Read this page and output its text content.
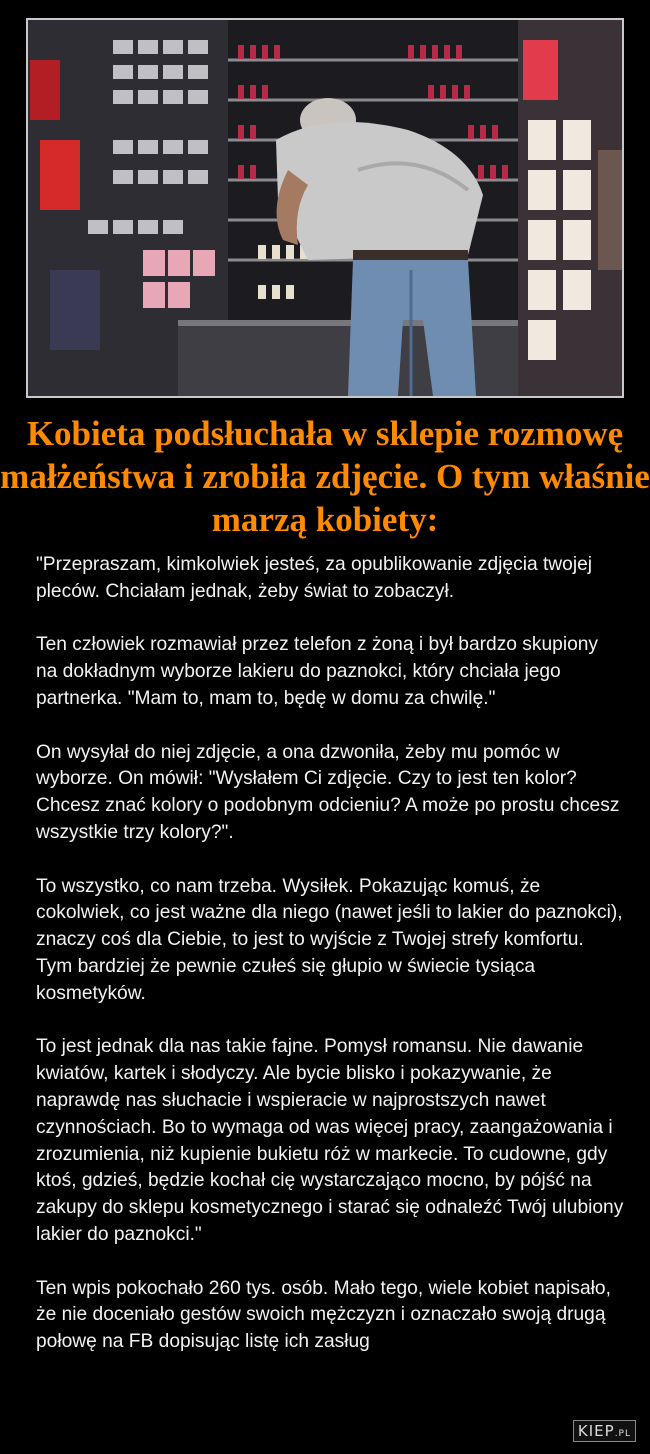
Kobieta podsłuchała w sklepie rozmowę małżeństwa i zrobiła zdjęcie. O tym właśnie marzą kobiety:

"Przepraszam, kimkolwiek jesteś, za opublikowanie zdjęcia twojej pleców. Chciałam jednak, żeby świat to zobaczył.

Ten człowiek rozmawiał przez telefon z żoną i był bardzo skupiony na dokładnym wyborze lakieru do paznokci, który chciała jego partnerka. "Mam to, mam to, będę w domu za chwilę."

On wysyłał do niej zdjęcie, a ona dzwoniła, żeby mu pomóc w wyborze. On mówił: "Wysłałem Ci zdjęcie. Czy to jest ten kolor? Chcesz znać kolory o podobnym odcieniu? A może po prostu chcesz wszystkie trzy kolory?".

To wszystko, co nam trzeba. Wysiłek. Pokazując komuś, że cokolwiek, co jest ważne dla niego (nawet jeśli to lakier do paznokci), znaczy coś dla Ciebie, to jest to wyjście z Twojej strefy komfortu. Tym bardziej że pewnie czułeś się głupio w świecie tysiąca kosmetyków.

To jest jednak dla nas takie fajne. Pomysł romansu. Nie dawanie kwiatów, kartek i słodyczy. Ale bycie blisko i pokazywanie, że naprawdę nas słuchacie i wspieracie w najprostszych nawet czynnościach. Bo to wymaga od was więcej pracy, zaangażowania i zrozumienia, niż kupienie bukietu róż w markecie. To cudowne, gdy ktoś, gdzieś, będzie kochał cię wystarczająco mocno, by pójść na zakupy do sklepu kosmetycznego i starać się odnaleźć Twój ulubiony lakier do paznokci."

Ten wpis pokochało 260 tys. osób. Mało tego, wiele kobiet napisało, że nie doceniało gestów swoich mężczyzn i oznaczało swoją drugą połowę na FB dopisując listę ich zasług

KIEP.PL
